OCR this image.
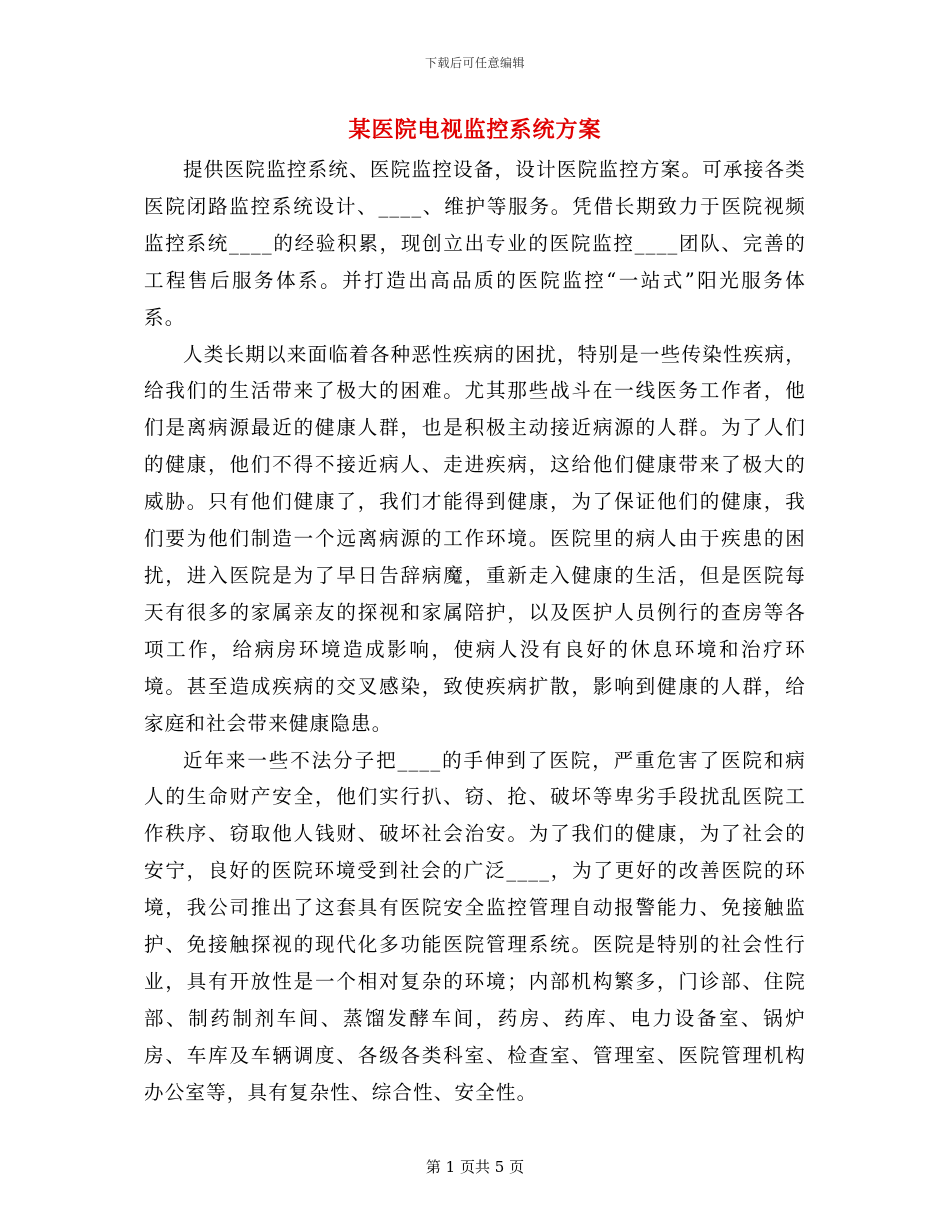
下载后可任意编辑
某医院电视监控系统方案

提供医院监控系统、医院监控设备，设计医院监控方案。可承接各类医院闭路监控系统设计、____、维护等服务。凭借长期致力于医院视频监控系统____的经验积累，现创立出专业的医院监控____团队、完善的工程售后服务体系。并打造出高品质的医院监控“一站式”阳光服务体系。

人类长期以来面临着各种恶性疾病的困扰，特别是一些传染性疾病，给我们的生活带来了极大的困难。尤其那些战斗在一线医务工作者，他们是离病源最近的健康人群，也是积极主动接近病源的人群。为了人们的健康，他们不得不接近病人、走进疾病，这给他们健康带来了极大的威胁。只有他们健康了，我们才能得到健康，为了保证他们的健康，我们要为他们制造一个远离病源的工作环境。医院里的病人由于疾患的困扰，进入医院是为了早日告辞病魔，重新走入健康的生活，但是医院每天有很多的家属亲友的探视和家属陪护，以及医护人员例行的查房等各项工作，给病房环境造成影响，使病人没有良好的休息环境和治疗环境。甚至造成疾病的交叉感染，致使疾病扩散，影响到健康的人群，给家庭和社会带来健康隐患。

近年来一些不法分子把____的手伸到了医院，严重危害了医院和病人的生命财产安全，他们实行扒、窃、抢、破坏等卑劣手段扰乱医院工作秩序、窃取他人钱财、破坏社会治安。为了我们的健康，为了社会的安宁，良好的医院环境受到社会的广泛____，为了更好的改善医院的环境，我公司推出了这套具有医院安全监控管理自动报警能力、免接触监护、免接触探视的现代化多功能医院管理系统。医院是特别的社会性行业，具有开放性是一个相对复杂的环境；内部机构繁多，门诊部、住院部、制药制剂车间、蒸馏发酵车间，药房、药库、电力设备室、锅炉房、车库及车辆调度、各级各类科室、检查室、管理室、医院管理机构办公室等，具有复杂性、综合性、安全性。

第 1 页共 5 页
